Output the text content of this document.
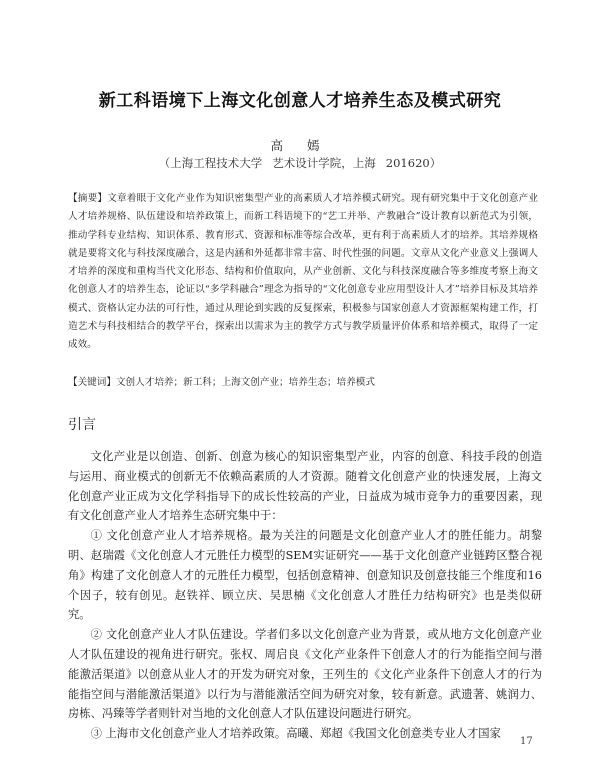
新工科语境下上海文化创意人才培养生态及模式研究
高 嫣
（上海工程技术大学 艺术设计学院，上海 201620）
【摘要】文章着眼于文化产业作为知识密集型产业的高素质人才培养模式研究。现有研究集中于文化创意产业人才培养规格、队伍建设和培养政策上，而新工科语境下的“艺工并举、产教融合”设计教育以新范式为引领，推动学科专业结构、知识体系、教育形式、资源和标准等综合改革，更有利于高素质人才的培养。其培养规格就是要将文化与科技深度融合，这是内涵和外延都非常丰富、时代性强的问题。文章从文化产业意义上强调人才培养的深度和重构当代文化形态、结构和价值取向，从产业创新、文化与科技深度融合等多维度考察上海文化创意人才的培养生态，论证以“多学科融合”理念为指导的“文化创意专业应用型设计人才”培养目标及其培养模式、资格认定办法的可行性，通过从理论到实践的反复探索，积极参与国家创意人才资源框架构建工作，打造艺术与科技相结合的教学平台，探索出以需求为主的教学方式与教学质量评价体系和培养模式，取得了一定成效。
【关键词】文创人才培养；新工科；上海文创产业；培养生态；培养模式
引言

文化产业是以创造、创新、创意为核心的知识密集型产业，内容的创意、科技手段的创造与运用、商业模式的创新无不依赖高素质的人才资源。随着文化创意产业的快速发展，上海文化创意产业正成为文化学科指导下的成长性较高的产业，日益成为城市竞争力的重要因素，现有文化创意产业人才培养生态研究集中于：

① 文化创意产业人才培养规格。最为关注的问题是文化创意产业人才的胜任能力。胡黎明、赵瑞霞《文化创意人才元胜任力模型的SEM实证研究——基于文化创意产业链跨区整合视角》构建了文化创意人才的元胜任力模型，包括创意精神、创意知识及创意技能三个维度和16个因子，较有创见。赵铁祥、顾立庆、吴思楠《文化创意人才胜任力结构研究》也是类似研究。

② 文化创意产业人才队伍建设。学者们多以文化创意产业为背景，或从地方文化创意产业人才队伍建设的视角进行研究。张权、周启良《文化产业条件下创意人才的行为能指空间与潜能激活渠道》以创意从业人才的开发为研究对象，王列生的《文化产业条件下创意人才的行为能指空间与潜能激活渠道》以行为与潜能激活空间为研究对象，较有新意。武遗著、姚润力、房栋、冯臻等学者则针对当地的文化创意人才队伍建设问题进行研究。

③ 上海市文化创意产业人才培养政策。高曦、郑超《我国文化创意类专业人才国家

17
